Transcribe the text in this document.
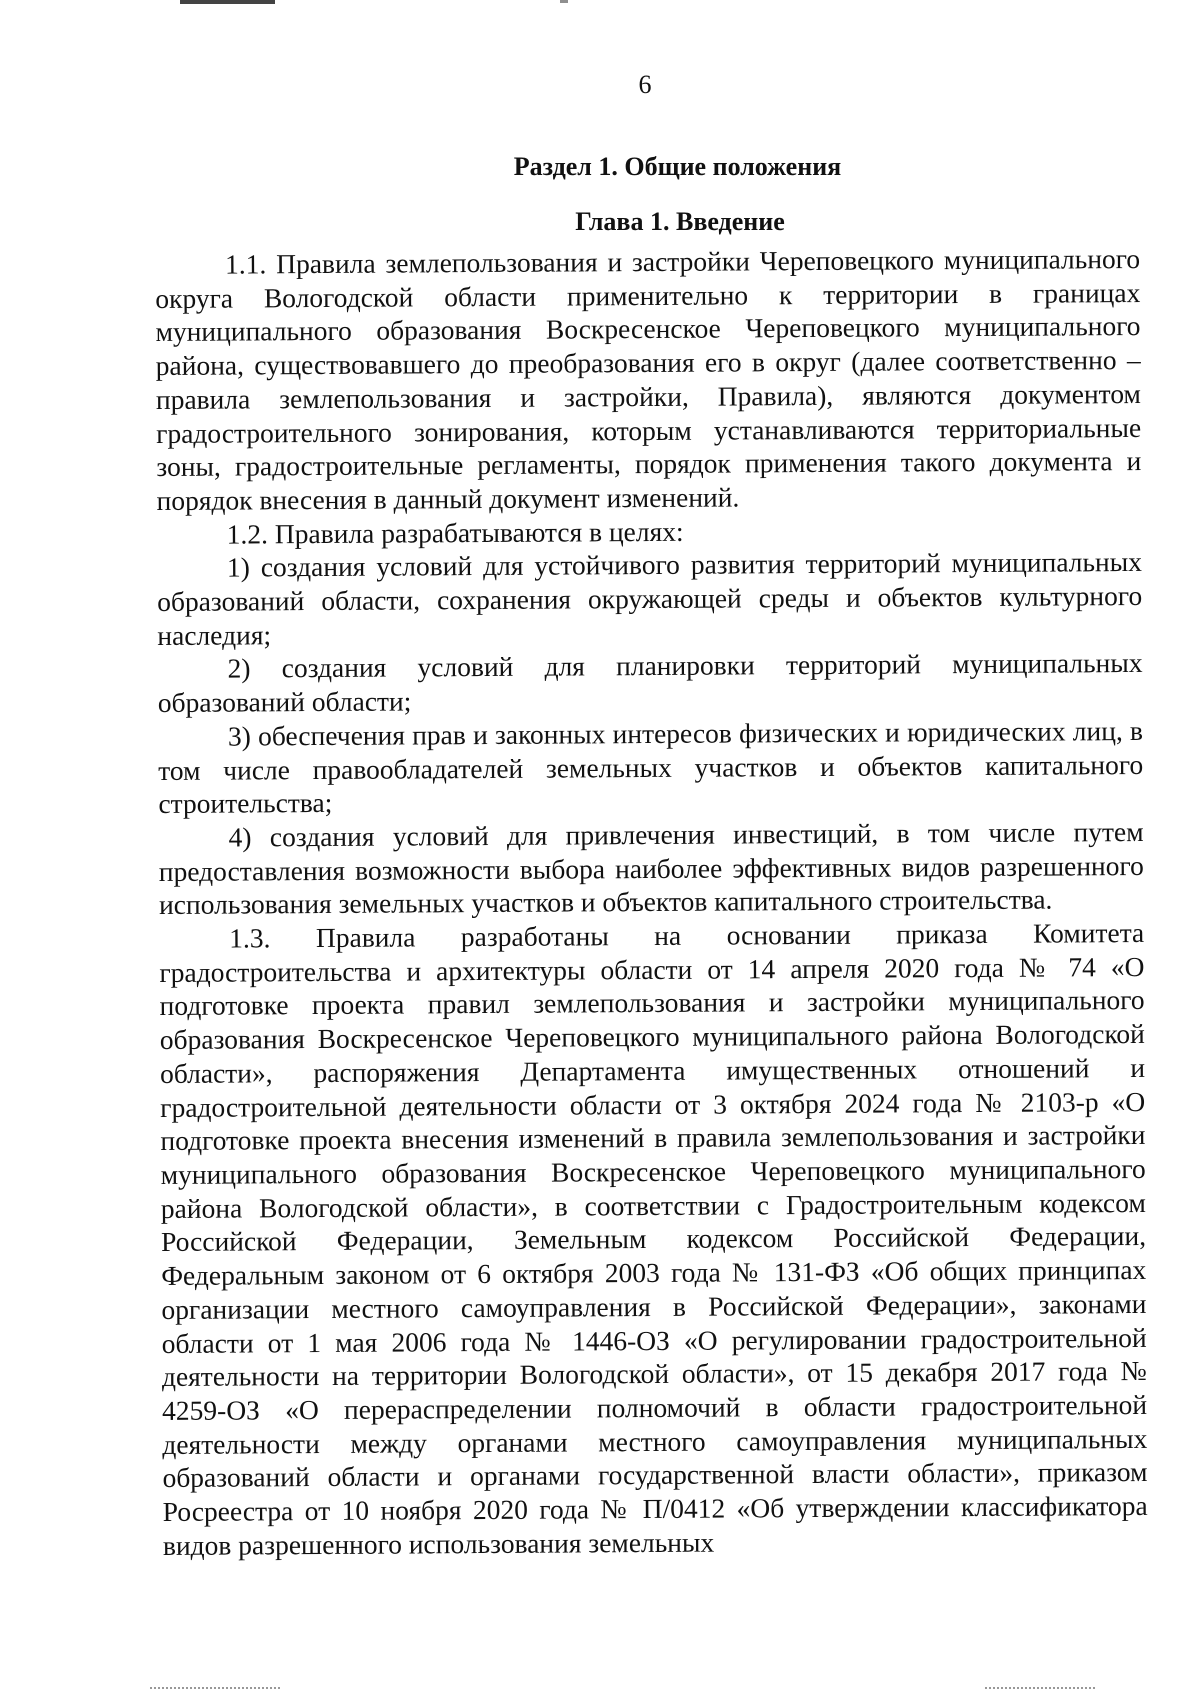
6
Раздел 1. Общие положения
Глава 1. Введение

1.1. Правила землепользования и застройки Череповецкого муниципального округа Вологодской области применительно к территории в границах муниципального образования Воскресенское Череповецкого муниципального района, существовавшего до преобразования его в округ (далее соответственно – правила землепользования и застройки, Правила), являются документом градостроительного зонирования, которым устанавливаются территориальные зоны, градостроительные регламенты, порядок применения такого документа и порядок внесения в данный документ изменений.

1.2. Правила разрабатываются в целях:

1) создания условий для устойчивого развития территорий муниципальных образований области, сохранения окружающей среды и объектов культурного наследия;

2) создания условий для планировки территорий муниципальных образований области;

3) обеспечения прав и законных интересов физических и юридических лиц, в том числе правообладателей земельных участков и объектов капитального строительства;

4) создания условий для привлечения инвестиций, в том числе путем предоставления возможности выбора наиболее эффективных видов разрешенного использования земельных участков и объектов капитального строительства.

1.3. Правила разработаны на основании приказа Комитета градостроительства и архитектуры области от 14 апреля 2020 года № 74 «О подготовке проекта правил землепользования и застройки муниципального образования Воскресенское Череповецкого муниципального района Вологодской области», распоряжения Департамента имущественных отношений и градостроительной деятельности области от 3 октября 2024 года № 2103-р «О подготовке проекта внесения изменений в правила землепользования и застройки муниципального образования Воскресенское Череповецкого муниципального района Вологодской области», в соответствии с Градостроительным кодексом Российской Федерации, Земельным кодексом Российской Федерации, Федеральным законом от 6 октября 2003 года № 131-ФЗ «Об общих принципах организации местного самоуправления в Российской Федерации», законами области от 1 мая 2006 года № 1446-ОЗ «О регулировании градостроительной деятельности на территории Вологодской области», от 15 декабря 2017 года № 4259-ОЗ «О перераспределении полномочий в области градостроительной деятельности между органами местного самоуправления муниципальных образований области и органами государственной власти области», приказом Росреестра от 10 ноября 2020 года № П/0412 «Об утверждении классификатора видов разрешенного использования земельных
